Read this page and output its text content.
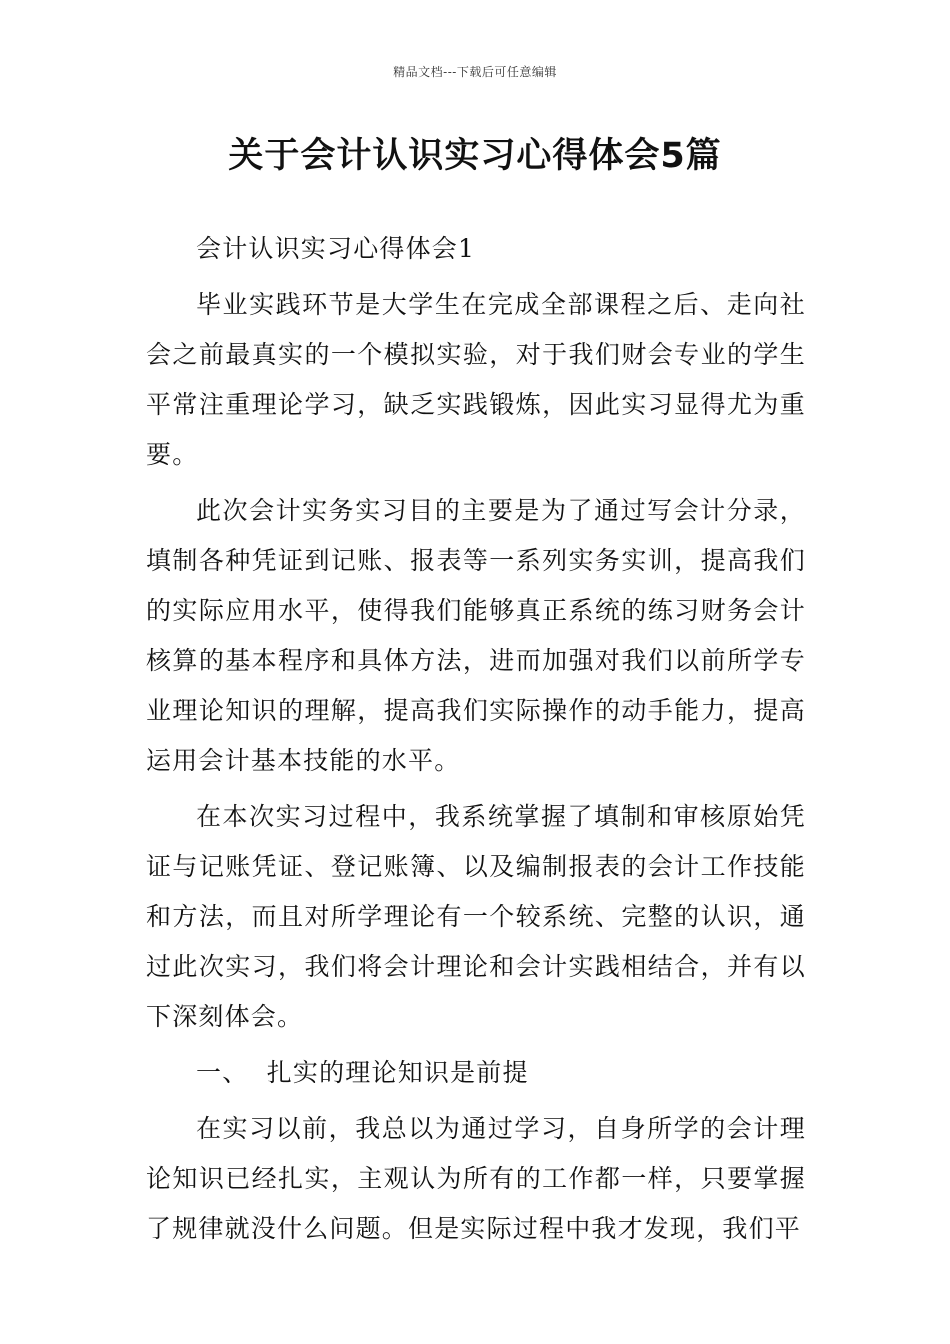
精品文档---下载后可任意编辑
关于会计认识实习心得体会5篇

会计认识实习心得体会1

毕业实践环节是大学生在完成全部课程之后、走向社会之前最真实的一个模拟实验，对于我们财会专业的学生平常注重理论学习，缺乏实践锻炼，因此实习显得尤为重要。

此次会计实务实习目的主要是为了通过写会计分录，填制各种凭证到记账、报表等一系列实务实训，提高我们的实际应用水平，使得我们能够真正系统的练习财务会计核算的基本程序和具体方法，进而加强对我们以前所学专业理论知识的理解，提高我们实际操作的动手能力，提高运用会计基本技能的水平。

在本次实习过程中，我系统掌握了填制和审核原始凭证与记账凭证、登记账簿、以及编制报表的会计工作技能和方法，而且对所学理论有一个较系统、完整的认识，通过此次实习，我们将会计理论和会计实践相结合，并有以下深刻体会。

一、  扎实的理论知识是前提

在实习以前，我总以为通过学习，自身所学的会计理论知识已经扎实，主观认为所有的工作都一样，只要掌握了规律就没什么问题。但是实际过程中我才发现，我们平
